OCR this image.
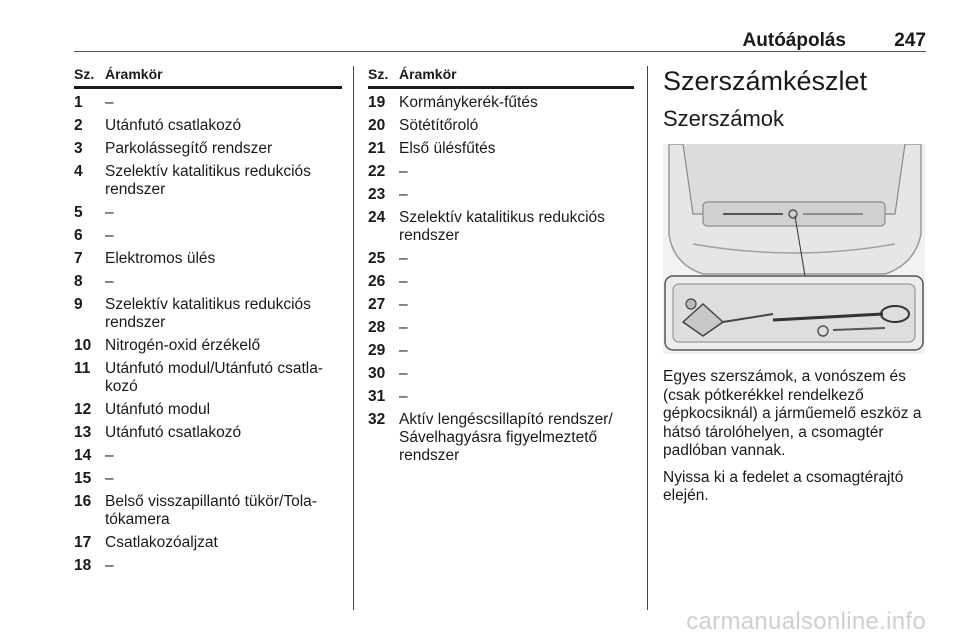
Autóápolás	247
Sz. Áramkör
1	–
2	Utánfutó csatlakozó
3	Parkolássegítő rendszer
4	Szelektív katalitikus redukciós rendszer
5	–
6	–
7	Elektromos ülés
8	–
9	Szelektív katalitikus redukciós rendszer
10 Nitrogén-oxid érzékelő
11 Utánfutó modul/Utánfutó csatla-kozó
12 Utánfutó modul
13 Utánfutó csatlakozó
14 –
15 –
16 Belső visszapillantó tükör/Tola-tókamera
17 Csatlakozóaljzat
18 –
Sz. Áramkör
19 Kormánykerék-fűtés
20 Sötétítőroló
21 Első ülésfűtés
22 –
23 –
24 Szelektív katalitikus redukciós rendszer
25 –
26 –
27 –
28 –
29 –
30 –
31 –
32 Aktív lengéscsillapító rendszer/ Sávelhagyásra figyelmeztető rendszer
Szerszámkészlet
Szerszámok
Egyes szerszámok, a vonószem és (csak pótkerékkel rendelkező gépkocsiknál) a járműemelő eszköz a hátsó tárolóhelyen, a csomagtér padlóban vannak.
Nyissa ki a fedelet a csomagtérajtó elején.
carmanualsonline.info
